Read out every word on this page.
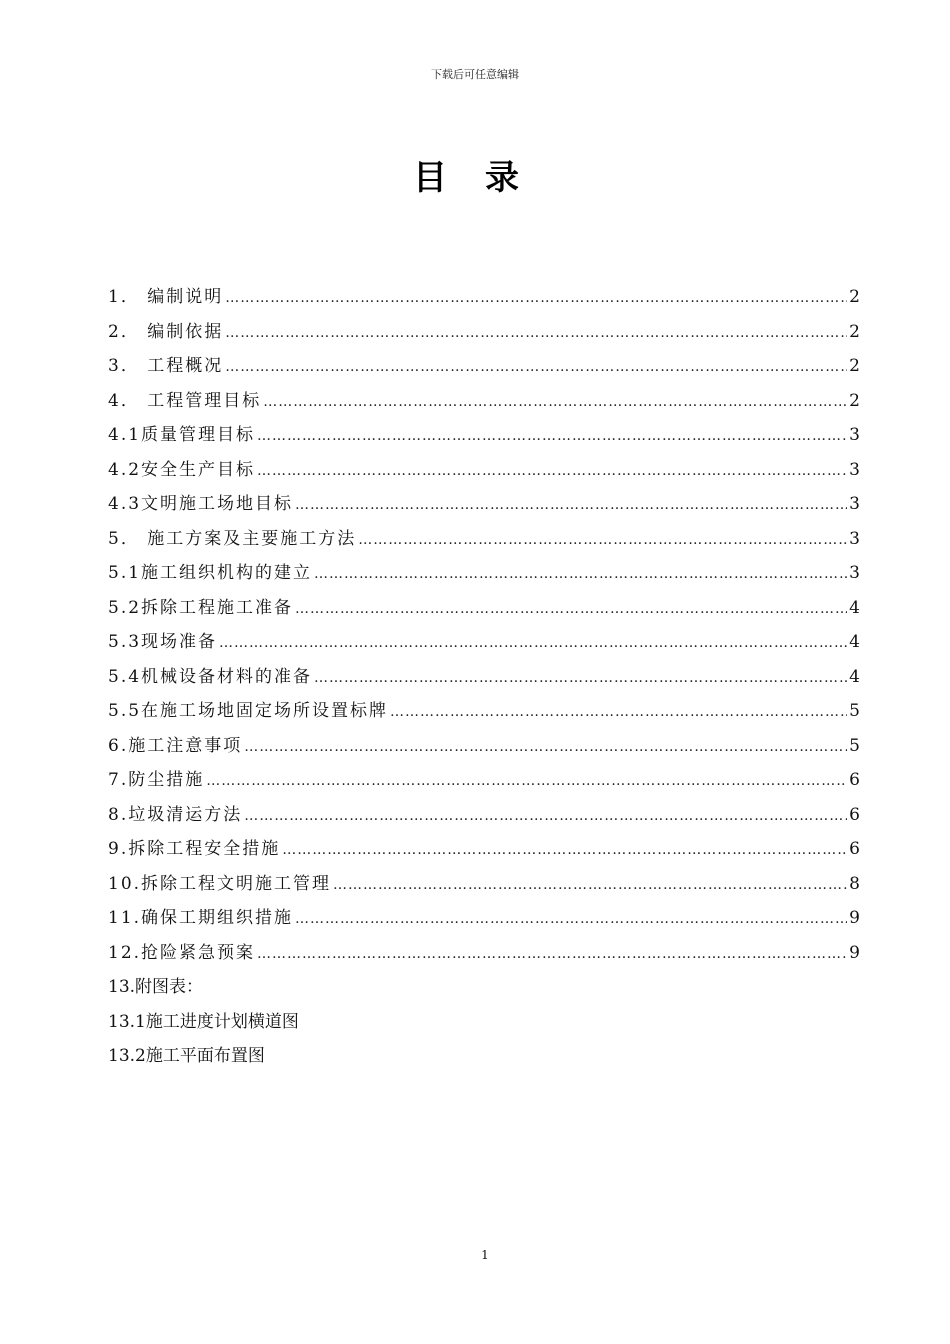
下载后可任意编辑
目录
1． 编制说明 ………………………………………………………………………………………………………………………………………………………………	2
2． 编制依据 ………………………………………………………………………………………………………………………………………………………………	2
3． 工程概况 ………………………………………………………………………………………………………………………………………………………………	2
4． 工程管理目标 ………………………………………………………………………………………………………………………………………………………………	2
4.1质量管理目标 ………………………………………………………………………………………………………………………………………………………………	3
4.2安全生产目标 ………………………………………………………………………………………………………………………………………………………………	3
4.3文明施工场地目标 ………………………………………………………………………………………………………………………………………………………………	3
5． 施工方案及主要施工方法 ………………………………………………………………………………………………………………………………………………………………	3
5.1施工组织机构的建立 ………………………………………………………………………………………………………………………………………………………………	3
5.2拆除工程施工准备 ………………………………………………………………………………………………………………………………………………………………	4
5.3现场准备 ………………………………………………………………………………………………………………………………………………………………	4
5.4机械设备材料的准备 ………………………………………………………………………………………………………………………………………………………………	4
5.5在施工场地固定场所设置标牌 ………………………………………………………………………………………………………………………………………………………………	5
6.施工注意事项 ………………………………………………………………………………………………………………………………………………………………	5
7.防尘措施 ………………………………………………………………………………………………………………………………………………………………	6
8.垃圾清运方法 ………………………………………………………………………………………………………………………………………………………………	6
9.拆除工程安全措施 ………………………………………………………………………………………………………………………………………………………………	6
10.拆除工程文明施工管理 ………………………………………………………………………………………………………………………………………………………………	8
11.确保工期组织措施 ………………………………………………………………………………………………………………………………………………………………	9
12.抢险紧急预案 ………………………………………………………………………………………………………………………………………………………………	9
13.附图表：
13.1施工进度计划横道图
13.2施工平面布置图
1
